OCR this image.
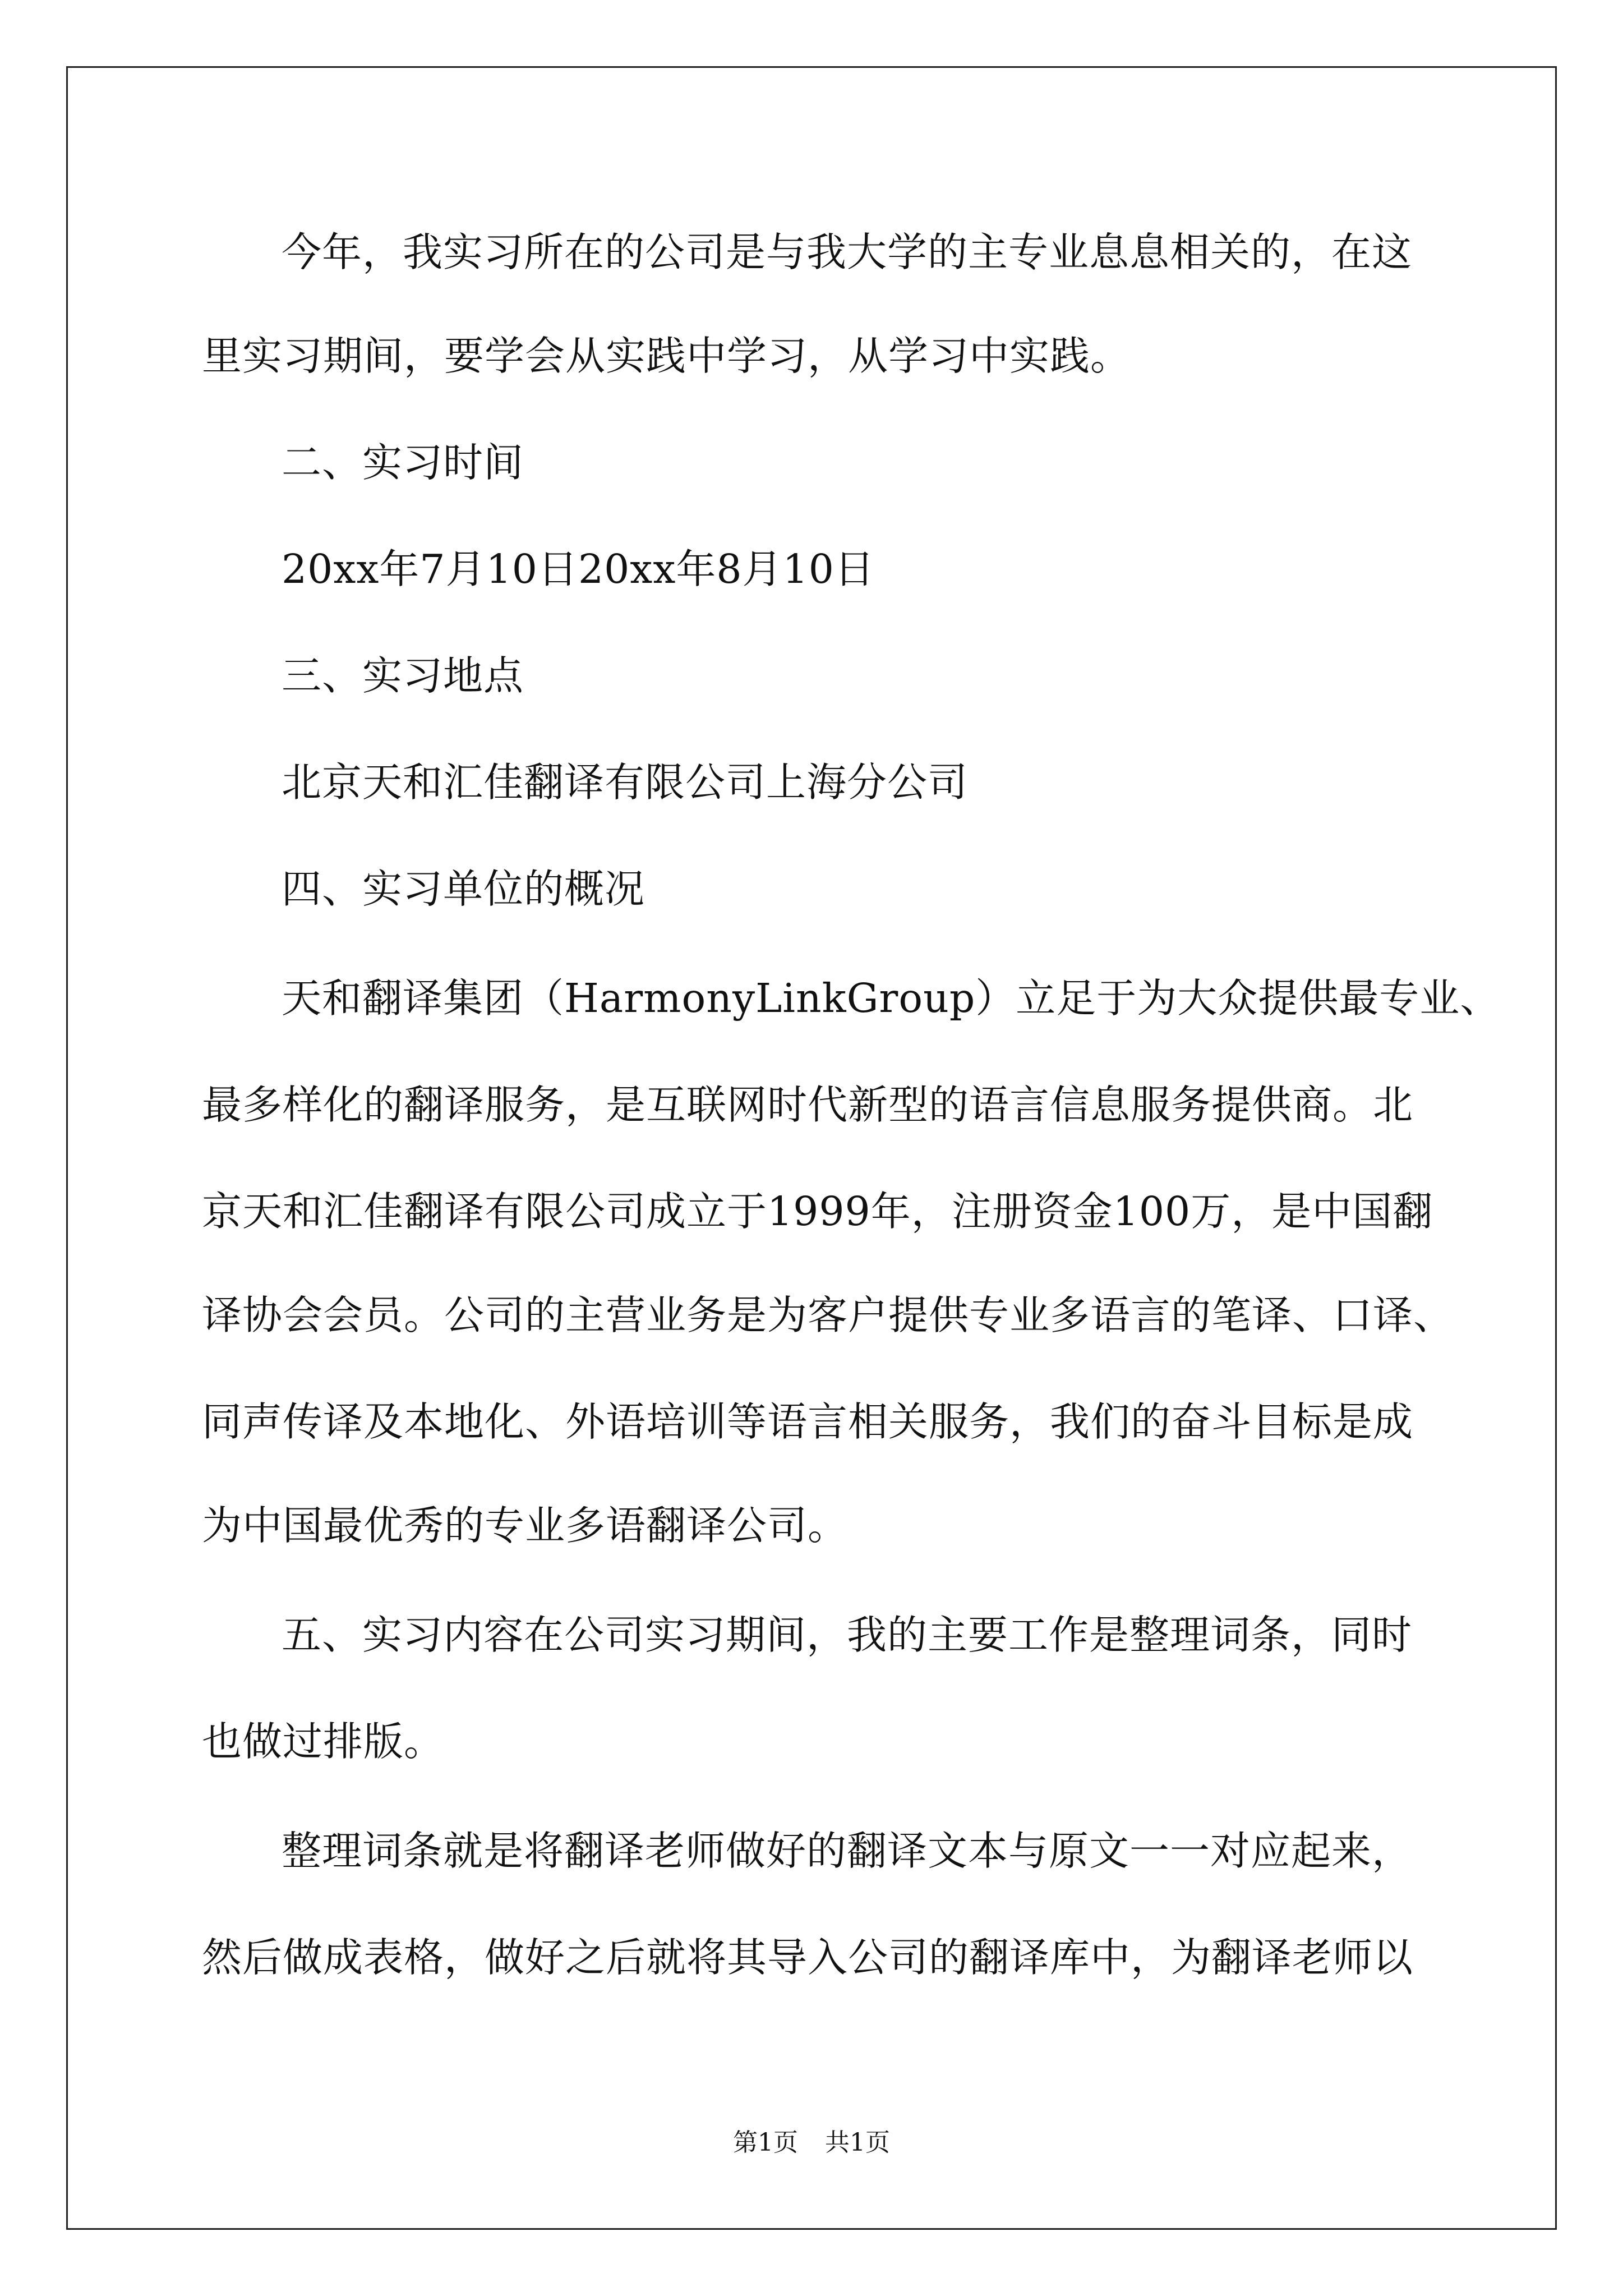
今年，我实习所在的公司是与我大学的主专业息息相关的，在这
里实习期间，要学会从实践中学习，从学习中实践。
二、实习时间
20xx年7月10日20xx年8月10日
三、实习地点
北京天和汇佳翻译有限公司上海分公司
四、实习单位的概况
天和翻译集团（HarmonyLinkGroup）立足于为大众提供最专业、
最多样化的翻译服务，是互联网时代新型的语言信息服务提供商。北
京天和汇佳翻译有限公司成立于1999年，注册资金100万，是中国翻
译协会会员。公司的主营业务是为客户提供专业多语言的笔译、口译、
同声传译及本地化、外语培训等语言相关服务，我们的奋斗目标是成
为中国最优秀的专业多语翻译公司。
五、实习内容在公司实习期间，我的主要工作是整理词条，同时
也做过排版。
整理词条就是将翻译老师做好的翻译文本与原文一一对应起来，
然后做成表格，做好之后就将其导入公司的翻译库中，为翻译老师以
第1页 共1页
